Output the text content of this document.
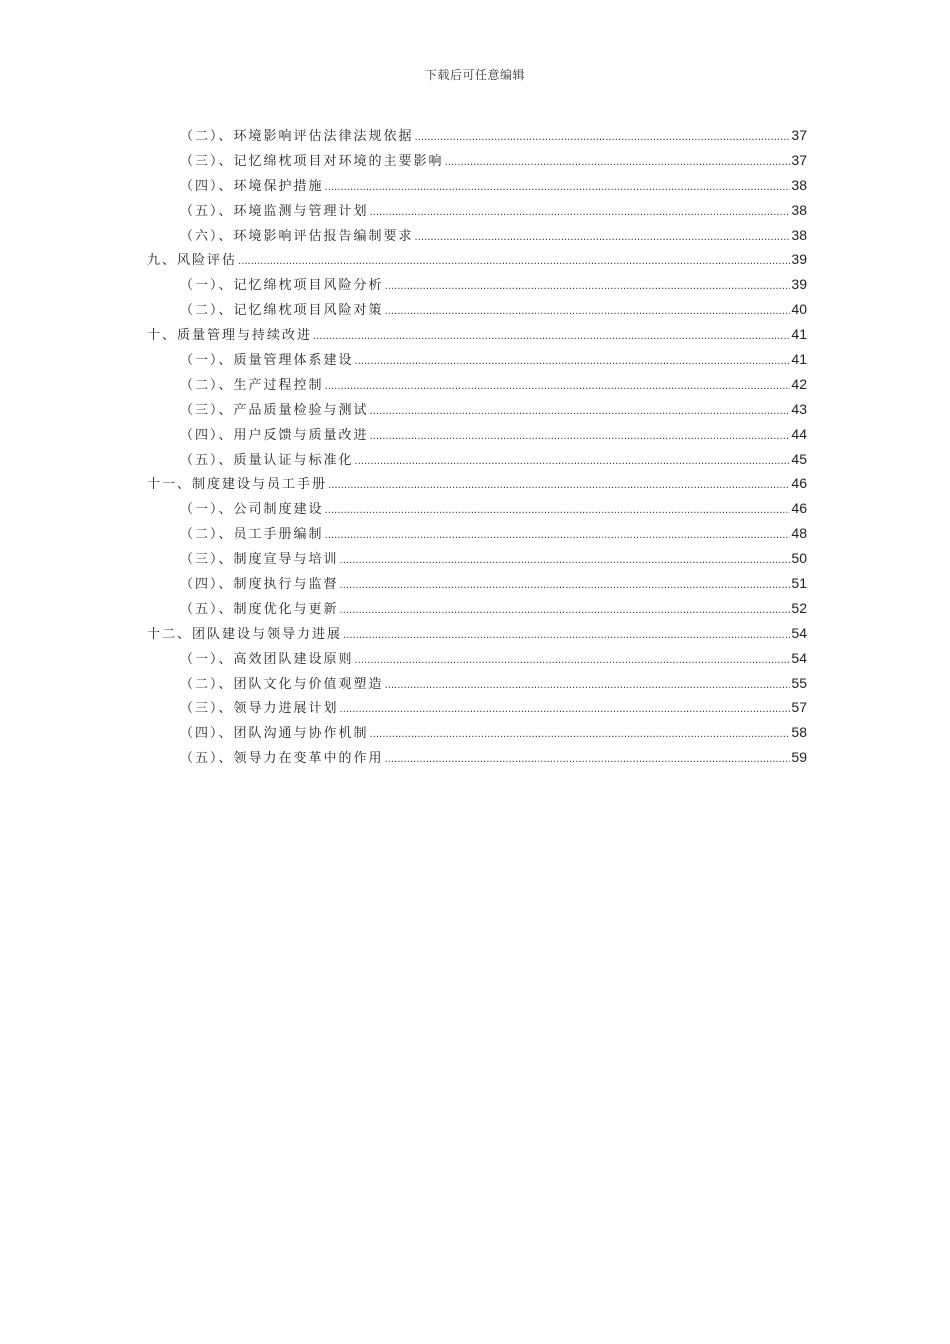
下载后可任意编辑
（二）、环境影响评估法律法规依据 .....	37
（三）、记忆绵枕项目对环境的主要影响 .....	37
（四）、环境保护措施 .....	38
（五）、环境监测与管理计划 .....	38
（六）、环境影响评估报告编制要求 .....	38
九、风险评估 .....	39
（一）、记忆绵枕项目风险分析 .....	39
（二）、记忆绵枕项目风险对策 .....	40
十、质量管理与持续改进 .....	41
（一）、质量管理体系建设 .....	41
（二）、生产过程控制 .....	42
（三）、产品质量检验与测试 .....	43
（四）、用户反馈与质量改进 .....	44
（五）、质量认证与标准化 .....	45
十一、制度建设与员工手册 .....	46
（一）、公司制度建设 .....	46
（二）、员工手册编制 .....	48
（三）、制度宣导与培训 .....	50
（四）、制度执行与监督 .....	51
（五）、制度优化与更新 .....	52
十二、团队建设与领导力进展 .....	54
（一）、高效团队建设原则 .....	54
（二）、团队文化与价值观塑造 .....	55
（三）、领导力进展计划 .....	57
（四）、团队沟通与协作机制 .....	58
（五）、领导力在变革中的作用 .....	59
